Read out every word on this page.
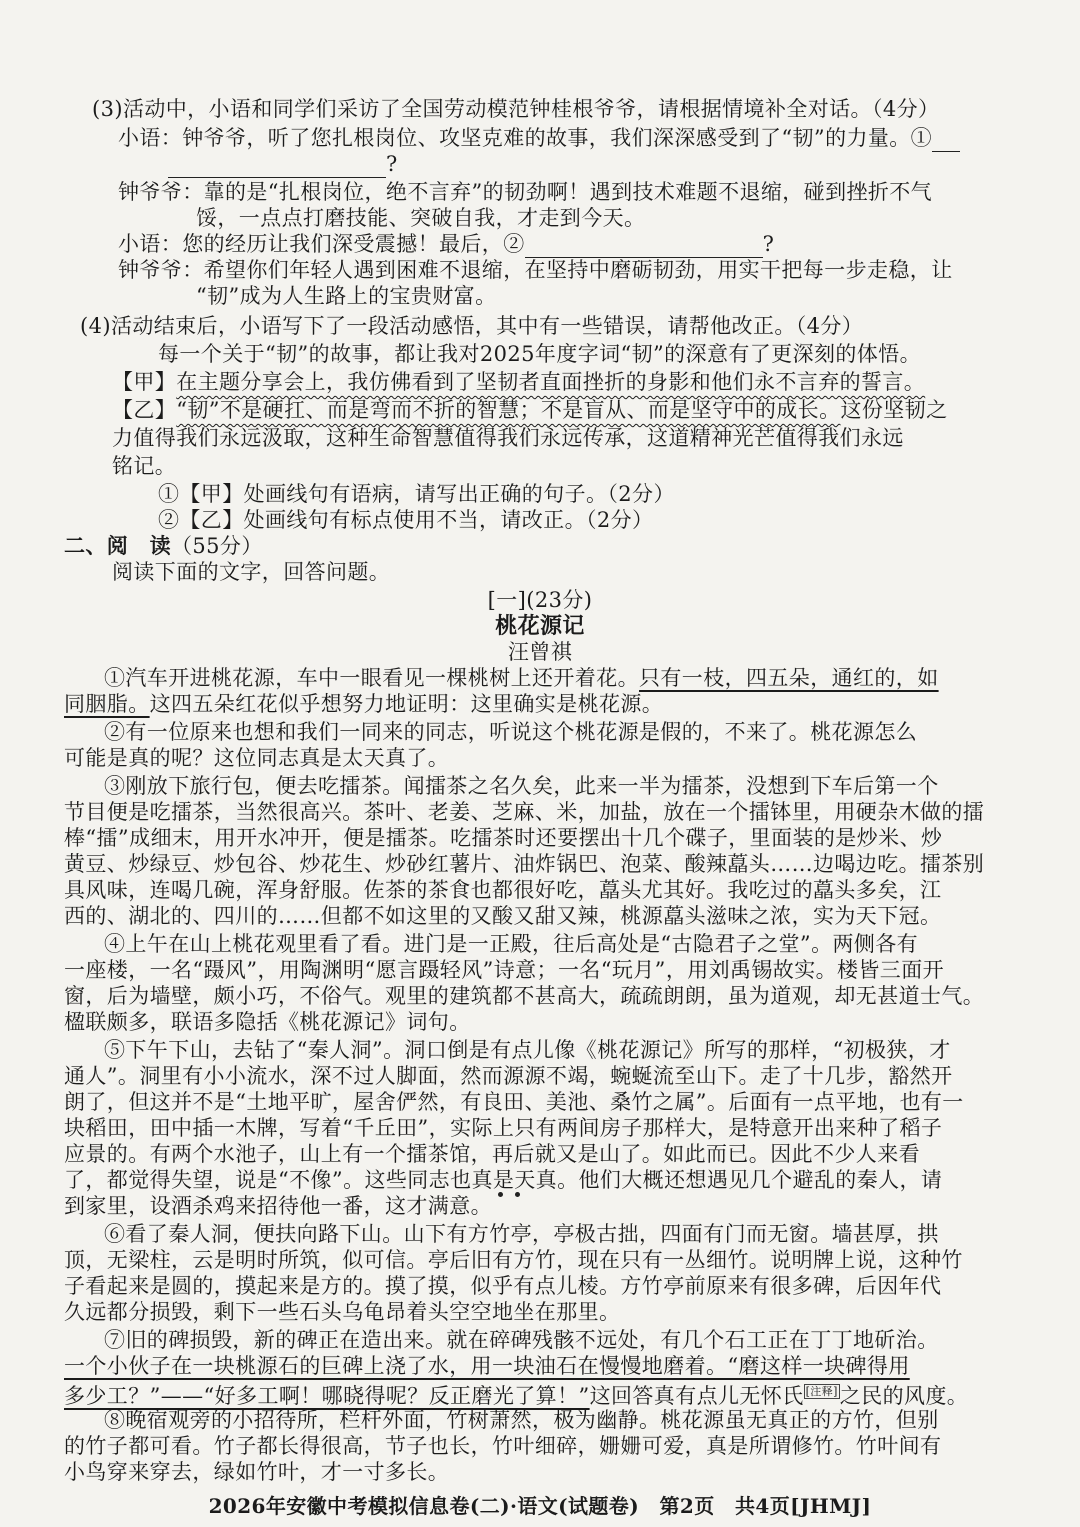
(3)活动中，小语和同学们采访了全国劳动模范钟桂根爷爷，请根据情境补全对话。（4分）
小语：钟爷爷，听了您扎根岗位、攻坚克难的故事，我们深深感受到了“韧”的力量。①
?
钟爷爷：靠的是“扎根岗位，绝不言弃”的韧劲啊！遇到技术难题不退缩，碰到挫折不气
馁，一点点打磨技能、突破自我，才走到今天。
小语：您的经历让我们深受震撼！最后，②	?
钟爷爷：希望你们年轻人遇到困难不退缩，在坚持中磨砺韧劲，用实干把每一步走稳，让
“韧”成为人生路上的宝贵财富。
(4)活动结束后，小语写下了一段活动感悟，其中有一些错误，请帮他改正。（4分）
每一个关于“韧”的故事，都让我对2025年度字词“韧”的深意有了更深刻的体悟。
【甲】在主题分享会上，我仿佛看到了坚韧者直面挫折的身影和他们永不言弃的誓言。
【乙】“韧”不是硬扛、而是弯而不折的智慧；不是盲从、而是坚守中的成长。这份坚韧之
力值得我们永远汲取，这种生命智慧值得我们永远传承，这道精神光芒值得我们永远
铭记。
①【甲】处画线句有语病，请写出正确的句子。（2分）
②【乙】处画线句有标点使用不当，请改正。（2分）
二、阅　读（55分）
阅读下面的文字，回答问题。
[一](23分)
桃花源记
汪曾祺
①汽车开进桃花源，车中一眼看见一棵桃树上还开着花。只有一枝，四五朵，通红的，如
同胭脂。这四五朵红花似乎想努力地证明：这里确实是桃花源。
②有一位原来也想和我们一同来的同志，听说这个桃花源是假的，不来了。桃花源怎么
可能是真的呢？这位同志真是太天真了。
③刚放下旅行包，便去吃擂茶。闻擂茶之名久矣，此来一半为擂茶，没想到下车后第一个
节目便是吃擂茶，当然很高兴。茶叶、老姜、芝麻、米，加盐，放在一个擂钵里，用硬杂木做的擂
棒“擂”成细末，用开水冲开，便是擂茶。吃擂茶时还要摆出十几个碟子，里面装的是炒米、炒
黄豆、炒绿豆、炒包谷、炒花生、炒砂红薯片、油炸锅巴、泡菜、酸辣藠头……边喝边吃。擂茶别
具风味，连喝几碗，浑身舒服。佐茶的茶食也都很好吃，藠头尤其好。我吃过的藠头多矣，江
西的、湖北的、四川的……但都不如这里的又酸又甜又辣，桃源藠头滋味之浓，实为天下冠。
④上午在山上桃花观里看了看。进门是一正殿，往后高处是“古隐君子之堂”。两侧各有
一座楼，一名“蹑风”，用陶渊明“愿言蹑轻风”诗意；一名“玩月”，用刘禹锡故实。楼皆三面开
窗，后为墙壁，颇小巧，不俗气。观里的建筑都不甚高大，疏疏朗朗，虽为道观，却无甚道士气。
楹联颇多，联语多隐括《桃花源记》词句。
⑤下午下山，去钻了“秦人洞”。洞口倒是有点儿像《桃花源记》所写的那样，“初极狭，才
通人”。洞里有小小流水，深不过人脚面，然而源源不竭，蜿蜒流至山下。走了十几步，豁然开
朗了，但这并不是“土地平旷，屋舍俨然，有良田、美池、桑竹之属”。后面有一点平地，也有一
块稻田，田中插一木牌，写着“千丘田”，实际上只有两间房子那样大，是特意开出来种了稻子
应景的。有两个水池子，山上有一个擂茶馆，再后就又是山了。如此而已。因此不少人来看
了，都觉得失望，说是“不像”。这些同志也真是天真。他们大概还想遇见几个避乱的秦人，请
到家里，设酒杀鸡来招待他一番，这才满意。
⑥看了秦人洞，便扶向路下山。山下有方竹亭，亭极古拙，四面有门而无窗。墙甚厚，拱
顶，无梁柱，云是明时所筑，似可信。亭后旧有方竹，现在只有一丛细竹。说明牌上说，这种竹
子看起来是圆的，摸起来是方的。摸了摸，似乎有点儿棱。方竹亭前原来有很多碑，后因年代
久远都分损毁，剩下一些石头乌龟昂着头空空地坐在那里。
⑦旧的碑损毁，新的碑正在造出来。就在碎碑残骸不远处，有几个石工正在丁丁地斫治。
一个小伙子在一块桃源石的巨碑上浇了水，用一块油石在慢慢地磨着。“磨这样一块碑得用
多少工？”——“好多工啊！哪晓得呢？反正磨光了算！”这回答真有点儿无怀氏 [注释]之民的风度。
⑧晚宿观旁的小招待所，栏杆外面，竹树萧然，极为幽静。桃花源虽无真正的方竹，但别
的竹子都可看。竹子都长得很高，节子也长，竹叶细碎，姗姗可爱，真是所谓修竹。竹叶间有
小鸟穿来穿去，绿如竹叶，才一寸多长。
2026年安徽中考模拟信息卷(二)·语文(试题卷)　第2页　共4页[JHMJ]
